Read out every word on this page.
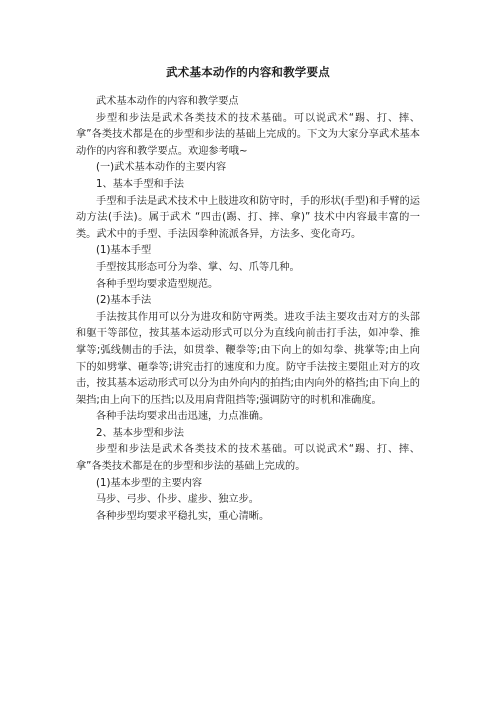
武术基本动作的内容和教学要点

武术基本动作的内容和教学要点

步型和步法是武术各类技术的技术基础。可以说武术“踢、打、摔、拿”各类技术都是在的步型和步法的基础上完成的。下文为大家分享武术基本动作的内容和教学要点。欢迎参考哦~

(一)武术基本动作的主要内容

1、基本手型和手法

手型和手法是武术技术中上肢进攻和防守时，手的形状(手型)和手臂的运动方法(手法)。属于武术 “四击(踢、打、摔、拿)” 技术中内容最丰富的一类。武术中的手型、手法因拳种流派各异，方法多、变化奇巧。

(1)基本手型

手型按其形态可分为拳、掌、勾、爪等几种。

各种手型均要求造型规范。

(2)基本手法

手法按其作用可以分为进攻和防守两类。进攻手法主要攻击对方的头部和躯干等部位，按其基本运动形式可以分为直线向前击打手法，如冲拳、推掌等;弧线侧击的手法，如贯拳、鞭拳等;由下向上的如勾拳、挑掌等;由上向下的如劈掌、砸拳等;讲究击打的速度和力度。防守手法按主要阻止对方的攻击，按其基本运动形式可以分为由外向内的拍挡;由内向外的格挡;由下向上的架挡;由上向下的压挡;以及用肩背阻挡等;强调防守的时机和准确度。

各种手法均要求出击迅速，力点准确。

2、基本步型和步法

步型和步法是武术各类技术的技术基础。可以说武术“踢、打、摔、拿”各类技术都是在的步型和步法的基础上完成的。

(1)基本步型的主要内容

马步、弓步、仆步、虚步、独立步。

各种步型均要求平稳扎实，重心清晰。
